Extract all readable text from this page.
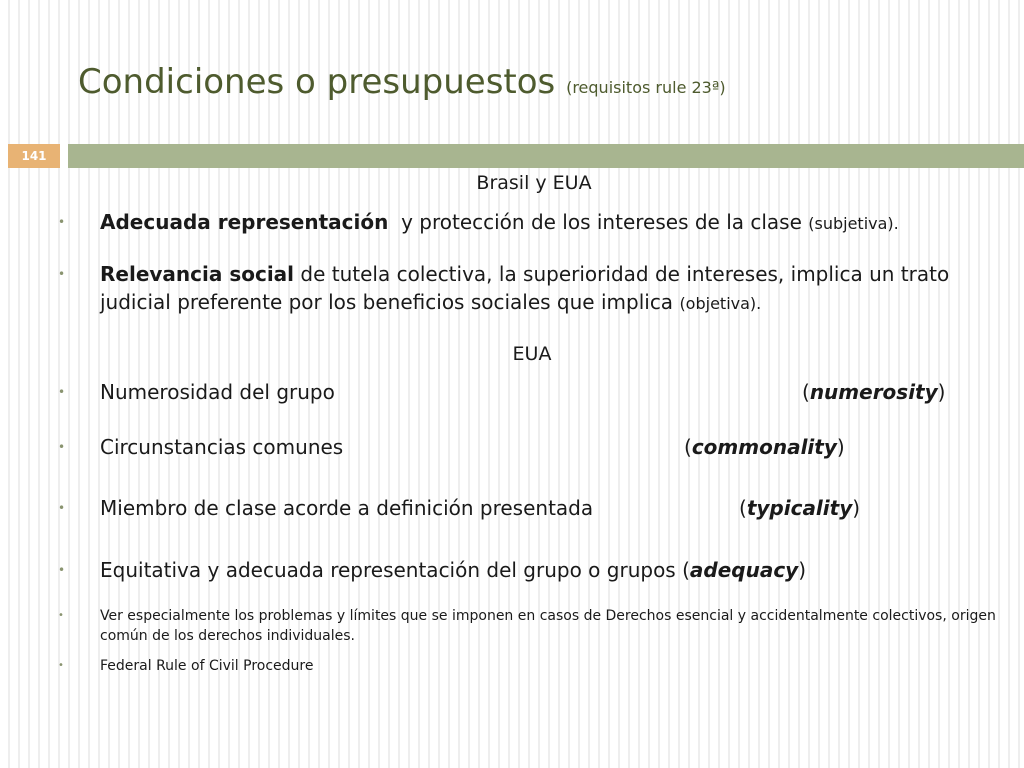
Condiciones o presupuestos (requisitos rule 23ª)
141
Brasil y EUA
•	Adecuada representación  y protección de los intereses de la clase (subjetiva).
•	Relevancia social de tutela colectiva, la superioridad de intereses, implica un trato judicial preferente por los beneficios sociales que implica (objetiva).
EUA
•	Numerosidad del grupo	(numerosity)
•	Circunstancias comunes	(commonality)
•	Miembro de clase acorde a definición presentada	(typicality)
•	Equitativa y adecuada representación del grupo o grupos (adequacy)
•	Ver especialmente los problemas y límites que se imponen en casos de Derechos esencial y accidentalmente colectivos, origen común de los derechos individuales.
•	Federal Rule of Civil Procedure
